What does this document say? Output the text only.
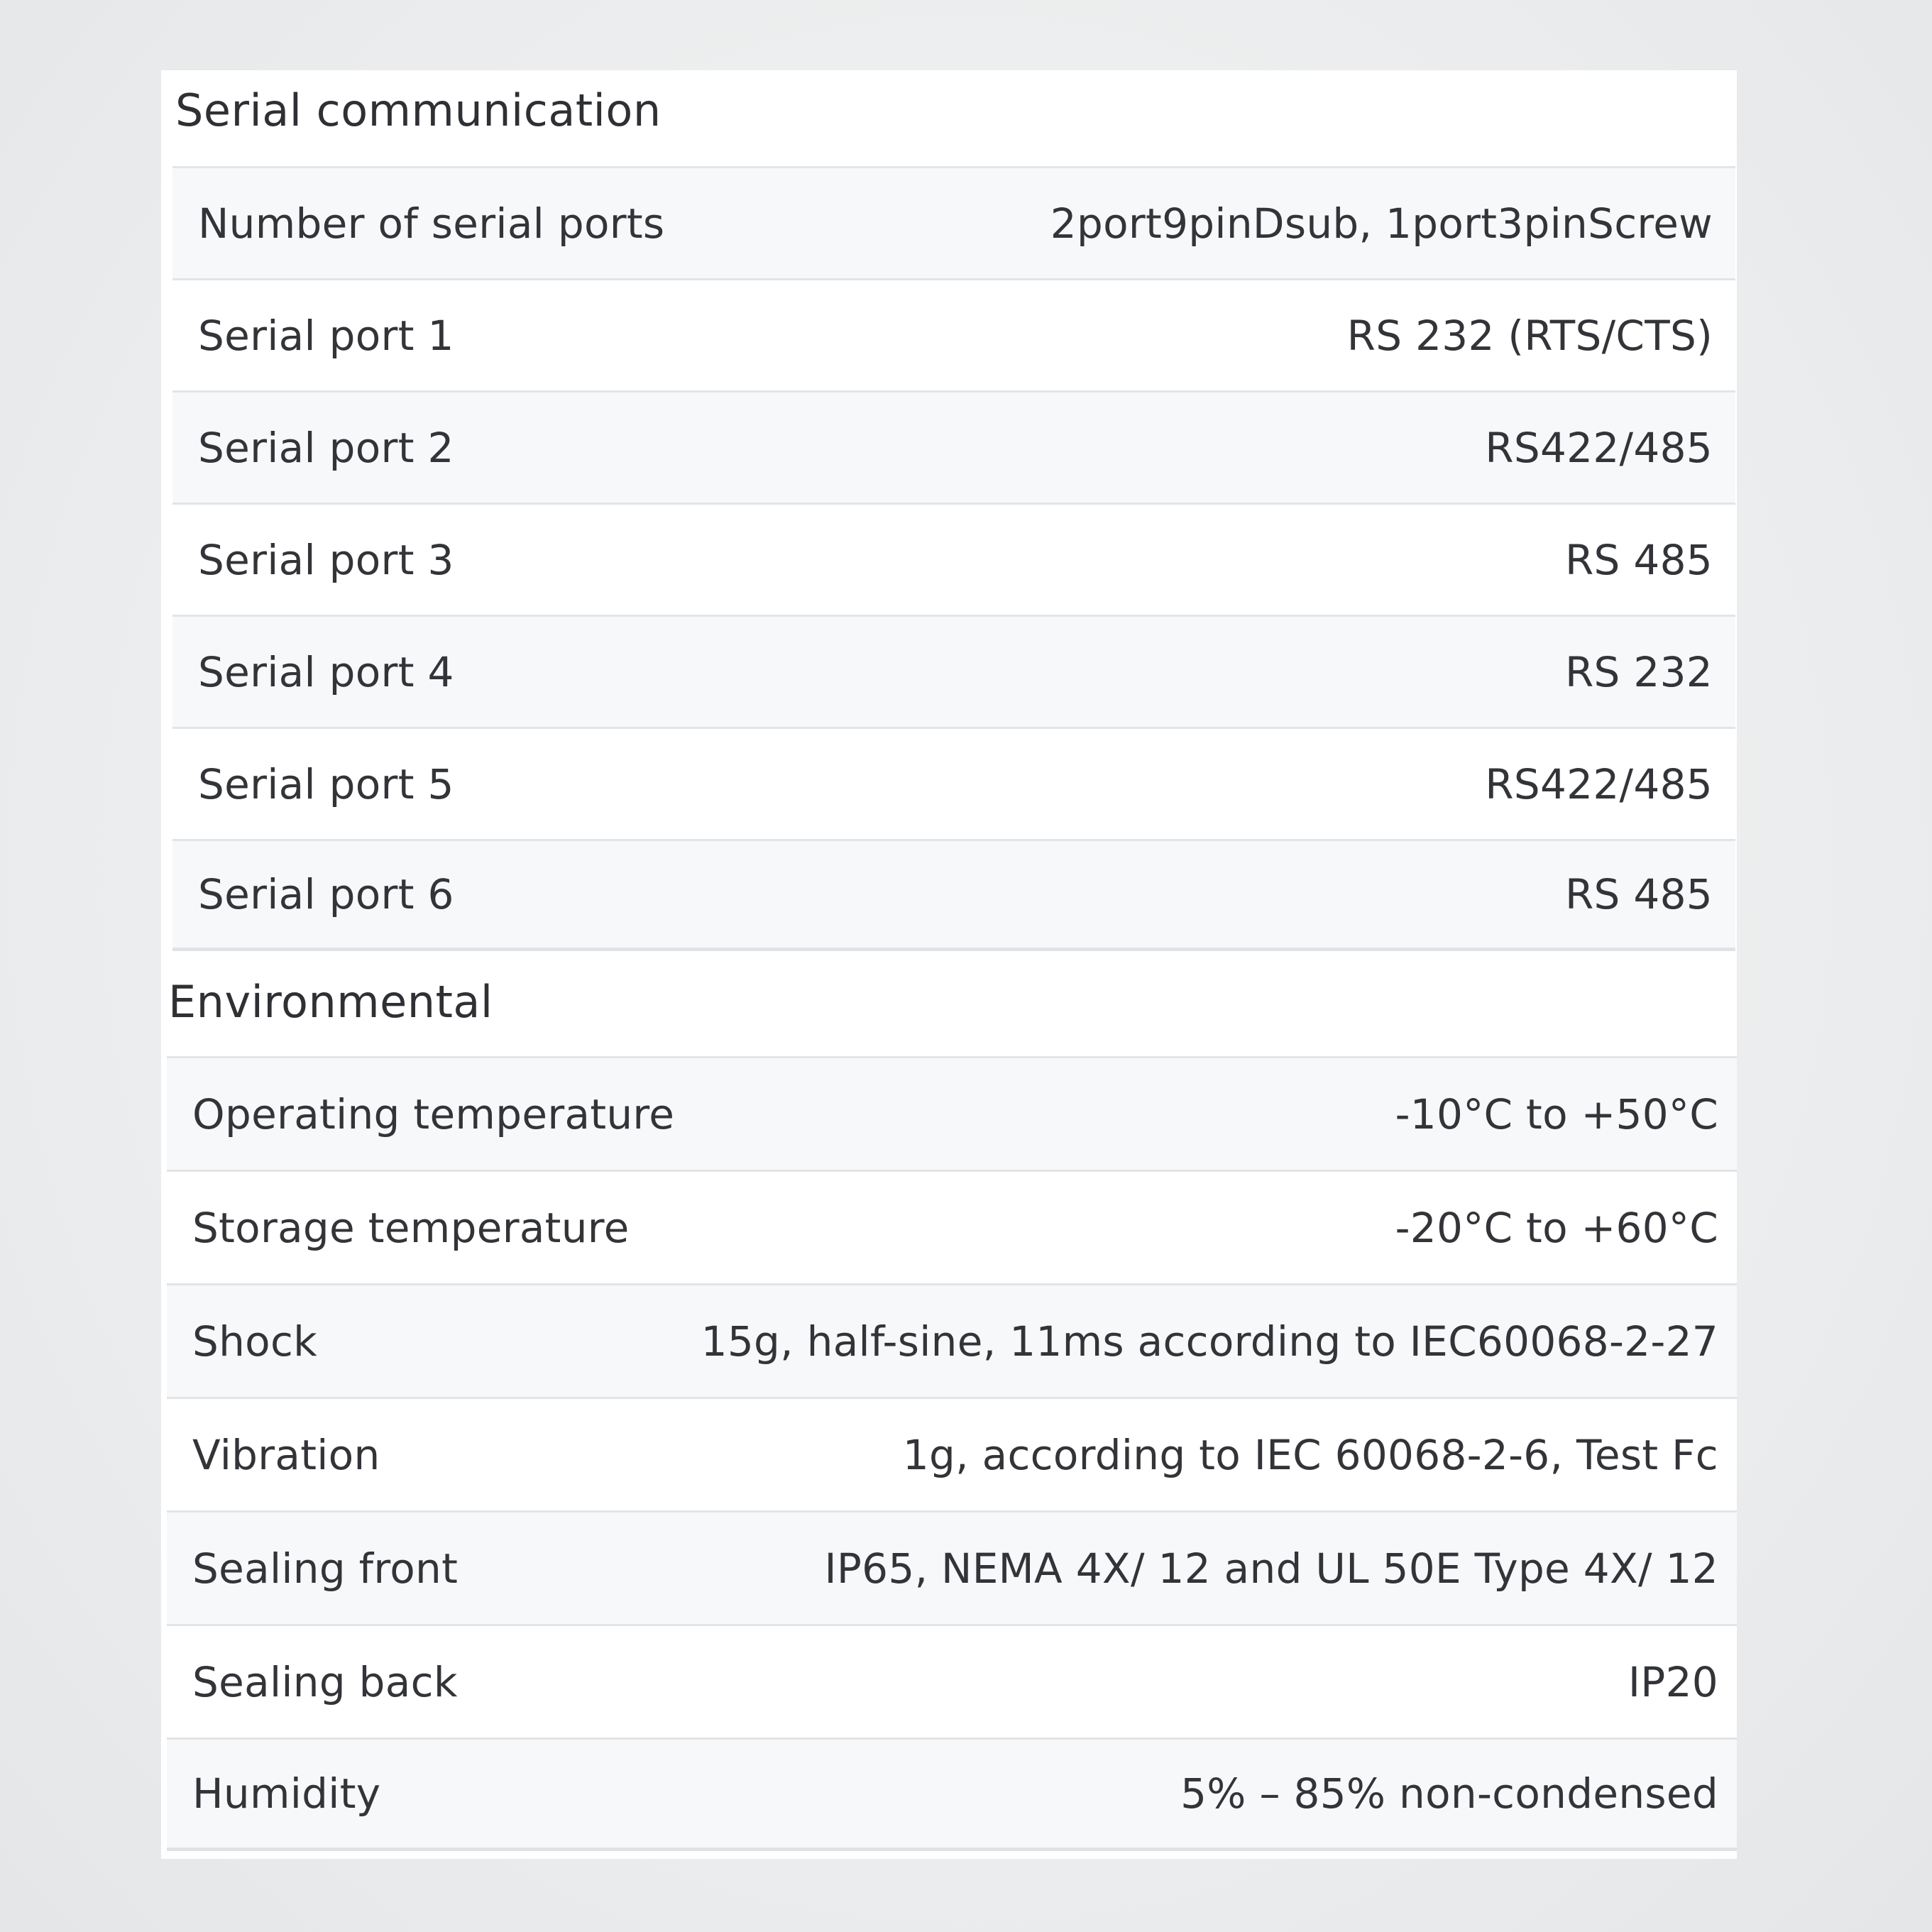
Serial communication
Number of serial ports	2port9pinDsub, 1port3pinScrew
Serial port 1	RS 232 (RTS/CTS)
Serial port 2	RS422/485
Serial port 3	RS 485
Serial port 4	RS 232
Serial port 5	RS422/485
Serial port 6	RS 485
Environmental
Operating temperature	-10°C to +50°C
Storage temperature	-20°C to +60°C
Shock	15g, half-sine, 11ms according to IEC60068-2-27
Vibration	1g, according to IEC 60068-2-6, Test Fc
Sealing front	IP65, NEMA 4X/ 12 and UL 50E Type 4X/ 12
Sealing back	IP20
Humidity	5% – 85% non-condensed
